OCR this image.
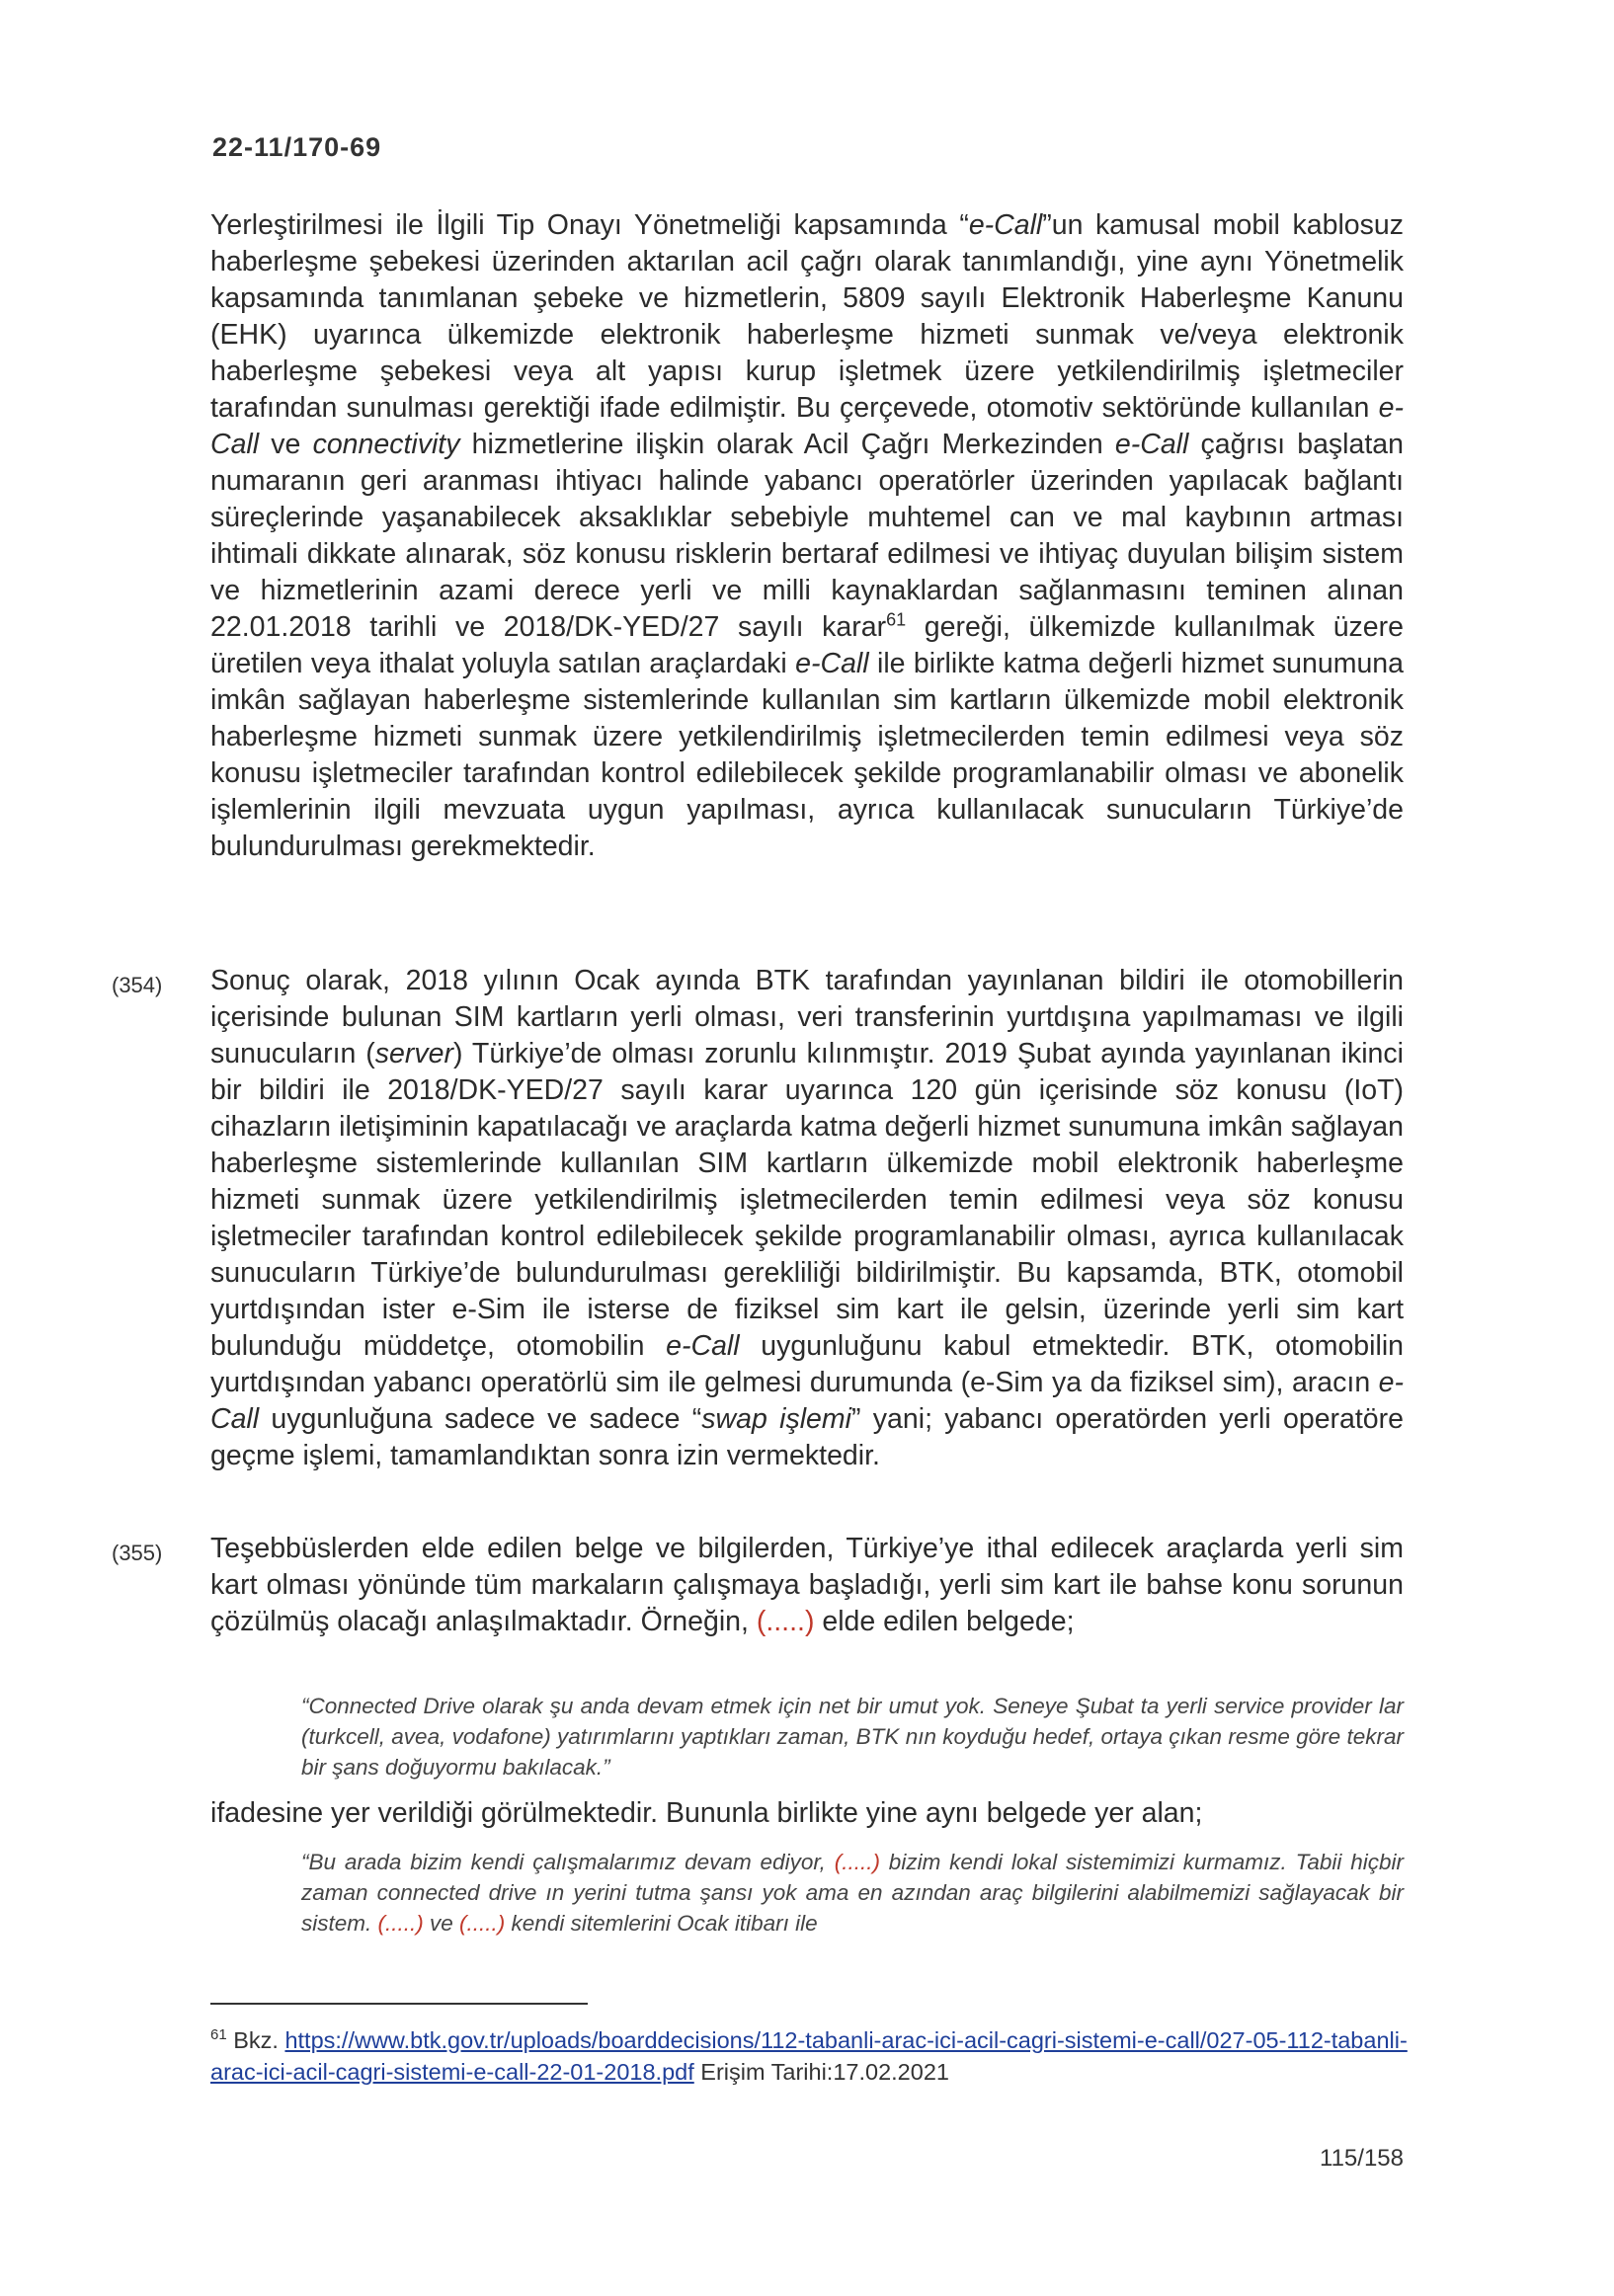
22-11/170-69
Yerleştirilmesi ile İlgili Tip Onayı Yönetmeliği kapsamında “e-Call”un kamusal mobil kablosuz haberleşme şebekesi üzerinden aktarılan acil çağrı olarak tanımlandığı, yine aynı Yönetmelik kapsamında tanımlanan şebeke ve hizmetlerin, 5809 sayılı Elektronik Haberleşme Kanunu (EHK) uyarınca ülkemizde elektronik haberleşme hizmeti sunmak ve/veya elektronik haberleşme şebekesi veya alt yapısı kurup işletmek üzere yetkilendirilmiş işletmeciler tarafından sunulması gerektiği ifade edilmiştir. Bu çerçevede, otomotiv sektöründe kullanılan e-Call ve connectivity hizmetlerine ilişkin olarak Acil Çağrı Merkezinden e-Call çağrısı başlatan numaranın geri aranması ihtiyacı halinde yabancı operatörler üzerinden yapılacak bağlantı süreçlerinde yaşanabilecek aksaklıklar sebebiyle muhtemel can ve mal kaybının artması ihtimali dikkate alınarak, söz konusu risklerin bertaraf edilmesi ve ihtiyaç duyulan bilişim sistem ve hizmetlerinin azami derece yerli ve milli kaynaklardan sağlanmasını teminen alınan 22.01.2018 tarihli ve 2018/DK-YED/27 sayılı karar$^{61}$ gereği, ülkemizde kullanılmak üzere üretilen veya ithalat yoluyla satılan araçlardaki e-Call ile birlikte katma değerli hizmet sunumuna imkân sağlayan haberleşme sistemlerinde kullanılan sim kartların ülkemizde mobil elektronik haberleşme hizmeti sunmak üzere yetkilendirilmiş işletmecilerden temin edilmesi veya söz konusu işletmeciler tarafından kontrol edilebilecek şekilde programlanabilir olması ve abonelik işlemlerinin ilgili mevzuata uygun yapılması, ayrıca kullanılacak sunucuların Türkiye’de bulundurulması gerekmektedir.
(354) Sonuç olarak, 2018 yılının Ocak ayında BTK tarafından yayınlanan bildiri ile otomobillerin içerisinde bulunan SIM kartların yerli olması, veri transferinin yurtdışına yapılmaması ve ilgili sunucuların (server) Türkiye’de olması zorunlu kılınmıştır. 2019 Şubat ayında yayınlanan ikinci bir bildiri ile 2018/DK-YED/27 sayılı karar uyarınca 120 gün içerisinde söz konusu (IoT) cihazların iletişiminin kapatılacağı ve araçlarda katma değerli hizmet sunumuna imkân sağlayan haberleşme sistemlerinde kullanılan SIM kartların ülkemizde mobil elektronik haberleşme hizmeti sunmak üzere yetkilendirilmiş işletmecilerden temin edilmesi veya söz konusu işletmeciler tarafından kontrol edilebilecek şekilde programlanabilir olması, ayrıca kullanılacak sunucuların Türkiye’de bulundurulması gerekliliği bildirilmiştir. Bu kapsamda, BTK, otomobil yurtdışından ister e-Sim ile isterse de fiziksel sim kart ile gelsin, üzerinde yerli sim kart bulunduğu müddetçe, otomobilin e-Call uygunluğunu kabul etmektedir. BTK, otomobilin yurtdışından yabancı operatörlü sim ile gelmesi durumunda (e-Sim ya da fiziksel sim), aracın e-Call uygunluğuna sadece ve sadece “swap işlemi” yani; yabancı operatörden yerli operatöre geçme işlemi, tamamlandıktan sonra izin vermektedir.
(355) Teşebbüslerden elde edilen belge ve bilgilerden, Türkiye’ye ithal edilecek araçlarda yerli sim kart olması yönünde tüm markaların çalışmaya başladığı, yerli sim kart ile bahse konu sorunun çözülmüş olacağı anlaşılmaktadır. Örneğin, (.....) elde edilen belgede;
“Connected Drive olarak şu anda devam etmek için net bir umut yok. Seneye Şubat ta yerli service provider lar (turkcell, avea, vodafone) yatırımlarını yaptıkları zaman, BTK nın koyduğu hedef, ortaya çıkan resme göre tekrar bir şans doğuyormu bakılacak.”
ifadesine yer verildiği görülmektedir. Bununla birlikte yine aynı belgede yer alan;
“Bu arada bizim kendi çalışmalarımız devam ediyor, (.....) bizim kendi lokal sistemimizi kurmamız. Tabii hiçbir zaman connected drive ın yerini tutma şansı yok ama en azından araç bilgilerini alabilmemizi sağlayacak bir sistem. (.....) ve (.....) kendi sitemlerini Ocak itibarı ile
$^{61}$ Bkz. https://www.btk.gov.tr/uploads/boarddecisions/112-tabanli-arac-ici-acil-cagri-sistemi-e-call/027-05-112-tabanli-arac-ici-acil-cagri-sistemi-e-call-22-01-2018.pdf Erişim Tarihi:17.02.2021
115/158
